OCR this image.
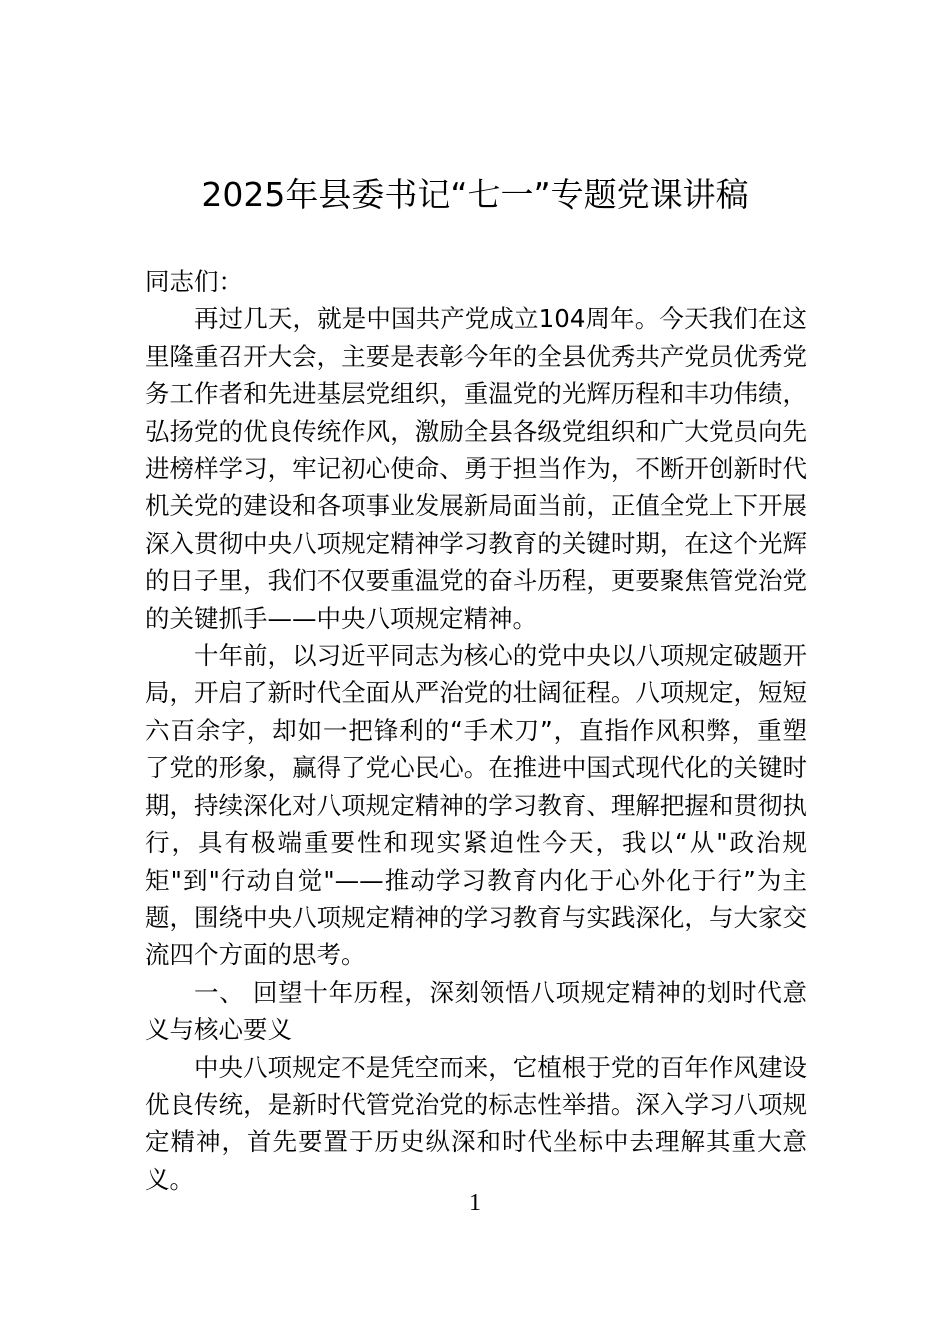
2025年县委书记“七一”专题党课讲稿

同志们：

再过几天，就是中国共产党成立104周年。今天我们在这里隆重召开大会，主要是表彰今年的全县优秀共产党员优秀党务工作者和先进基层党组织，重温党的光辉历程和丰功伟绩，弘扬党的优良传统作风，激励全县各级党组织和广大党员向先进榜样学习，牢记初心使命、勇于担当作为，不断开创新时代机关党的建设和各项事业发展新局面当前，正值全党上下开展深入贯彻中央八项规定精神学习教育的关键时期，在这个光辉的日子里，我们不仅要重温党的奋斗历程，更要聚焦管党治党的关键抓手——中央八项规定精神。

十年前，以习近平同志为核心的党中央以八项规定破题开局，开启了新时代全面从严治党的壮阔征程。八项规定，短短六百余字，却如一把锋利的“手术刀”，直指作风积弊，重塑了党的形象，赢得了党心民心。在推进中国式现代化的关键时期，持续深化对八项规定精神的学习教育、理解把握和贯彻执行，具有极端重要性和现实紧迫性今天，我以“从"政治规矩"到"行动自觉"——推动学习教育内化于心外化于行”为主题，围绕中央八项规定精神的学习教育与实践深化，与大家交流四个方面的思考。

一、 回望十年历程，深刻领悟八项规定精神的划时代意义与核心要义

中央八项规定不是凭空而来，它植根于党的百年作风建设优良传统，是新时代管党治党的标志性举措。深入学习八项规定精神，首先要置于历史纵深和时代坐标中去理解其重大意义。

1
